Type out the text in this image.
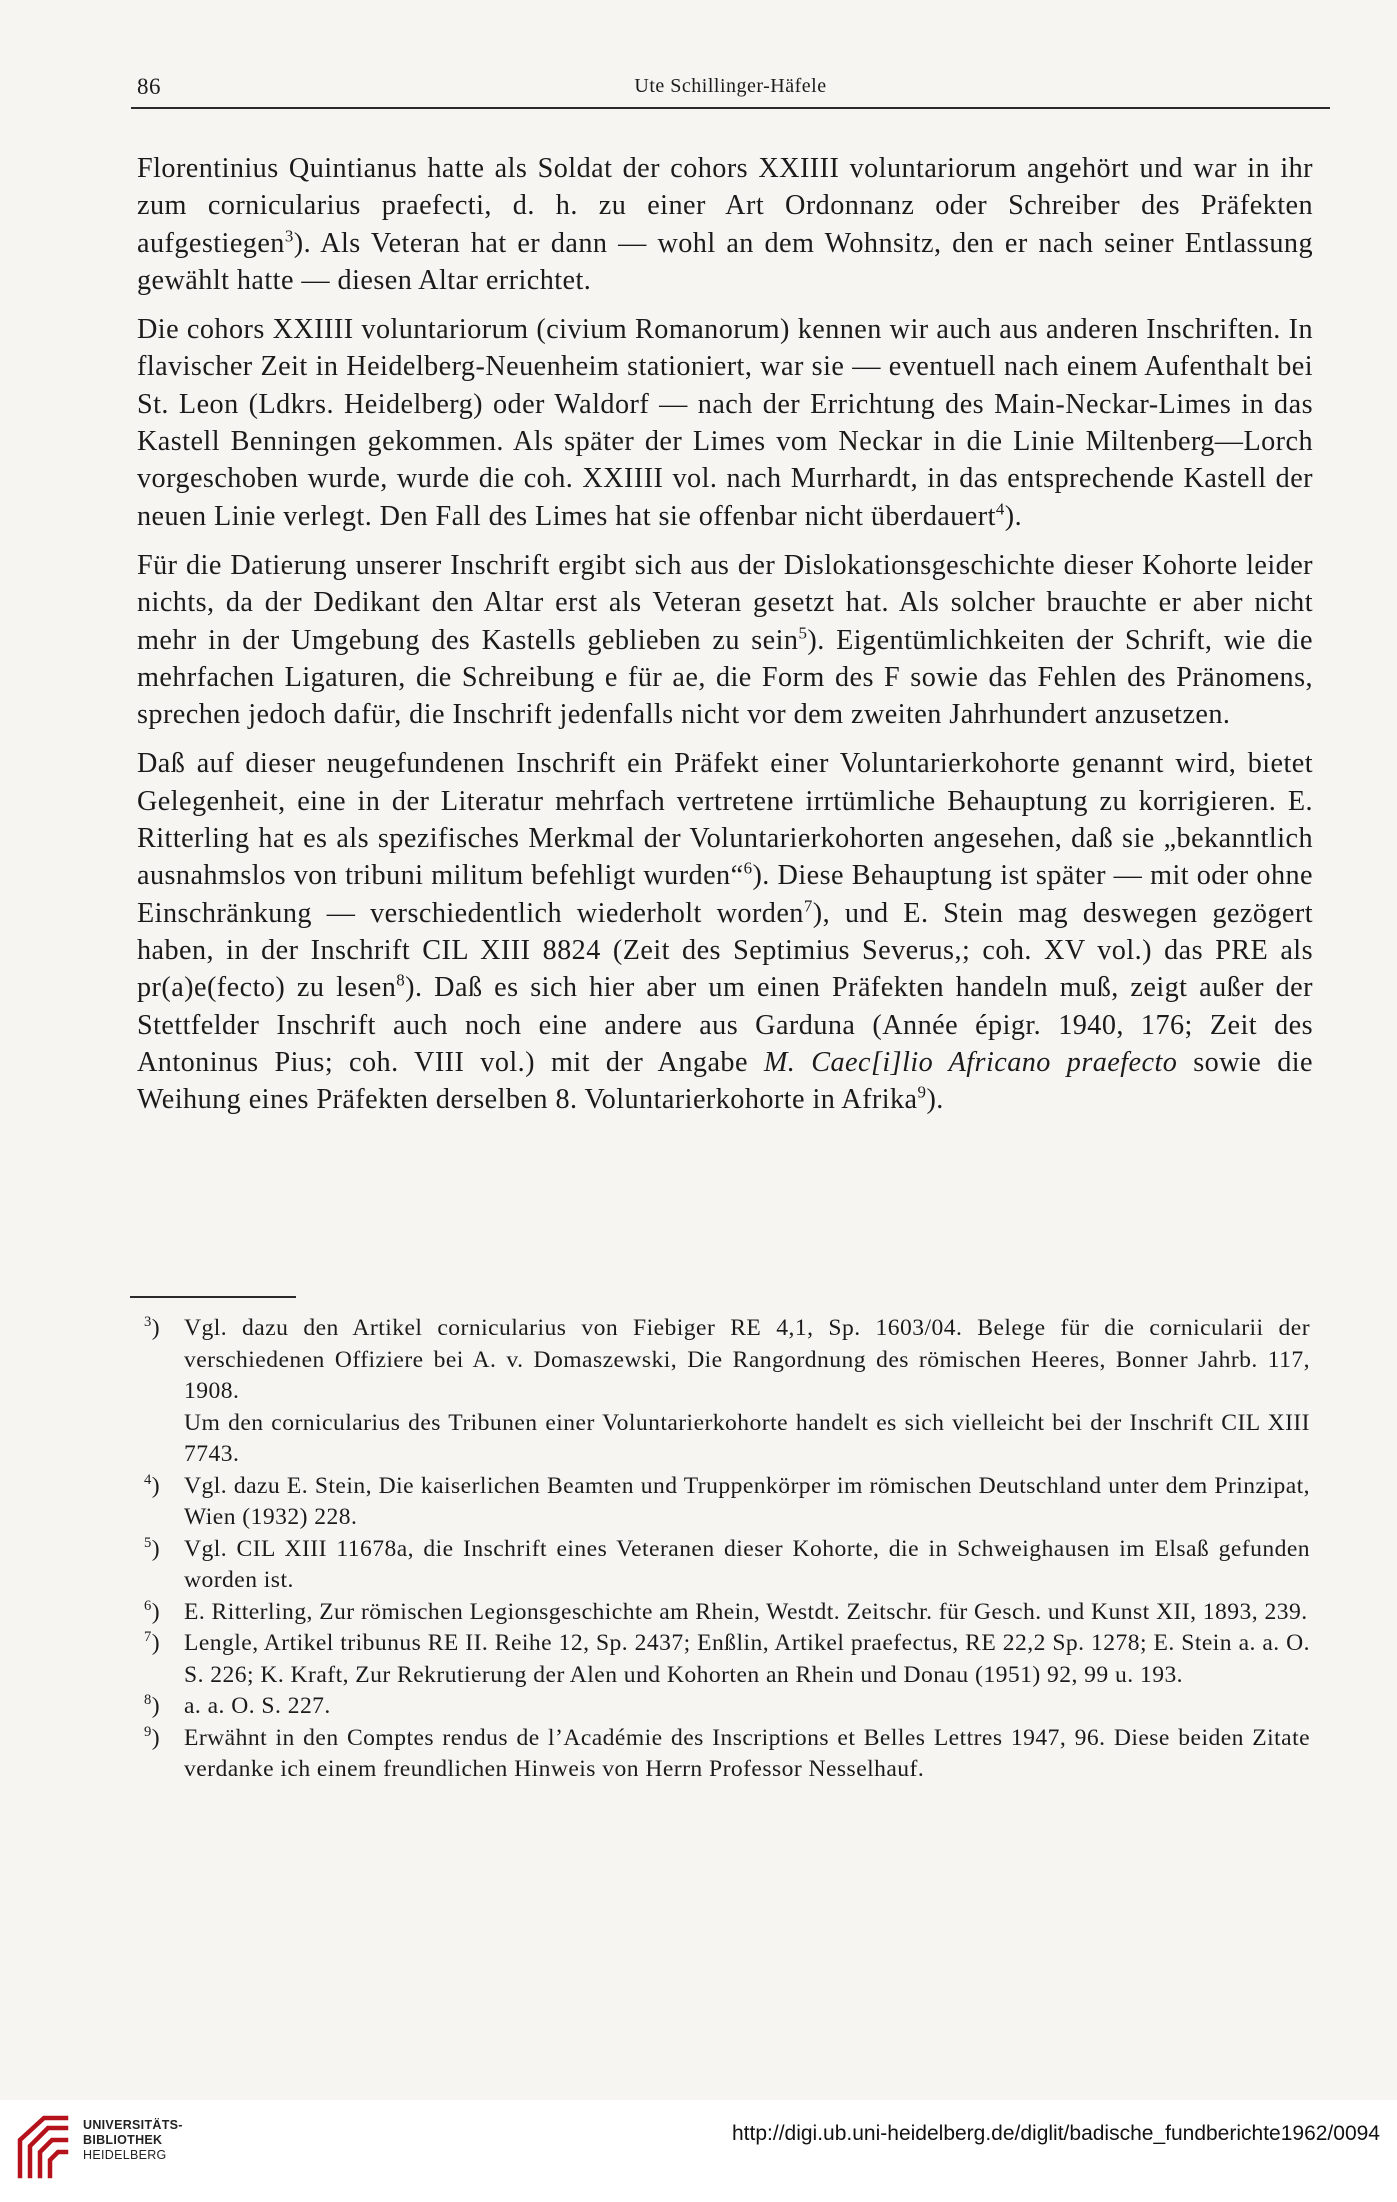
86	Ute Schillinger-Häfele

Florentinius Quintianus hatte als Soldat der cohors XXIIII voluntariorum angehört und war in ihr zum cornicularius praefecti, d. h. zu einer Art Ordonnanz oder Schreiber des Präfekten aufgestiegen$^3$). Als Veteran hat er dann — wohl an dem Wohnsitz, den er nach seiner Entlassung gewählt hatte — diesen Altar errichtet.

Die cohors XXIIII voluntariorum (civium Romanorum) kennen wir auch aus anderen Inschriften. In flavischer Zeit in Heidelberg-Neuenheim stationiert, war sie — eventuell nach einem Aufenthalt bei St. Leon (Ldkrs. Heidelberg) oder Waldorf — nach der Errichtung des Main-Neckar-Limes in das Kastell Benningen gekommen. Als später der Limes vom Neckar in die Linie Miltenberg—Lorch vorgeschoben wurde, wurde die coh. XXIIII vol. nach Murrhardt, in das entsprechende Kastell der neuen Linie verlegt. Den Fall des Limes hat sie offenbar nicht überdauert$^4$).

Für die Datierung unserer Inschrift ergibt sich aus der Dislokationsgeschichte dieser Kohorte leider nichts, da der Dedikant den Altar erst als Veteran gesetzt hat. Als solcher brauchte er aber nicht mehr in der Umgebung des Kastells geblieben zu sein$^5$). Eigentümlichkeiten der Schrift, wie die mehrfachen Ligaturen, die Schreibung e für ae, die Form des F sowie das Fehlen des Pränomens, sprechen jedoch dafür, die Inschrift jedenfalls nicht vor dem zweiten Jahrhundert anzusetzen.

Daß auf dieser neugefundenen Inschrift ein Präfekt einer Voluntarierkohorte genannt wird, bietet Gelegenheit, eine in der Literatur mehrfach vertretene irrtümliche Behauptung zu korrigieren. E. Ritterling hat es als spezifisches Merkmal der Voluntarierkohorten angesehen, daß sie „bekanntlich ausnahmslos von tribuni militum befehligt wurden“$^6$). Diese Behauptung ist später — mit oder ohne Einschränkung — verschiedentlich wiederholt worden$^7$), und E. Stein mag deswegen gezögert haben, in der Inschrift CIL XIII 8824 (Zeit des Septimius Severus,; coh. XV vol.) das PRE als pr(a)e(fecto) zu lesen$^8$). Daß es sich hier aber um einen Präfekten handeln muß, zeigt außer der Stettfelder Inschrift auch noch eine andere aus Garduna (Année épigr. 1940, 176; Zeit des Antoninus Pius; coh. VIII vol.) mit der Angabe M. Caec[i]lio Africano praefecto sowie die Weihung eines Präfekten derselben 8. Voluntarierkohorte in Afrika$^9$).

$^3$) Vgl. dazu den Artikel cornicularius von Fiebiger RE 4,1, Sp. 1603/04. Belege für die cornicularii der verschiedenen Offiziere bei A. v. Domaszewski, Die Rangordnung des römischen Heeres, Bonner Jahrb. 117, 1908.
Um den cornicularius des Tribunen einer Voluntarierkohorte handelt es sich vielleicht bei der Inschrift CIL XIII 7743.
$^4$) Vgl. dazu E. Stein, Die kaiserlichen Beamten und Truppenkörper im römischen Deutschland unter dem Prinzipat, Wien (1932) 228.
$^5$) Vgl. CIL XIII 11678a, die Inschrift eines Veteranen dieser Kohorte, die in Schweighausen im Elsaß gefunden worden ist.
$^6$) E. Ritterling, Zur römischen Legionsgeschichte am Rhein, Westdt. Zeitschr. für Gesch. und Kunst XII, 1893, 239.
$^7$) Lengle, Artikel tribunus RE II. Reihe 12, Sp. 2437; Enßlin, Artikel praefectus, RE 22,2 Sp. 1278; E. Stein a. a. O. S. 226; K. Kraft, Zur Rekrutierung der Alen und Kohorten an Rhein und Donau (1951) 92, 99 u. 193.
$^8$) a. a. O. S. 227.
$^9$) Erwähnt in den Comptes rendus de l’Académie des Inscriptions et Belles Lettres 1947, 96. Diese beiden Zitate verdanke ich einem freundlichen Hinweis von Herrn Professor Nesselhauf.
UNIVERSITÄTS-
BIBLIOTHEK
HEIDELBERG
http://digi.ub.uni-heidelberg.de/diglit/badische_fundberichte1962/0094
